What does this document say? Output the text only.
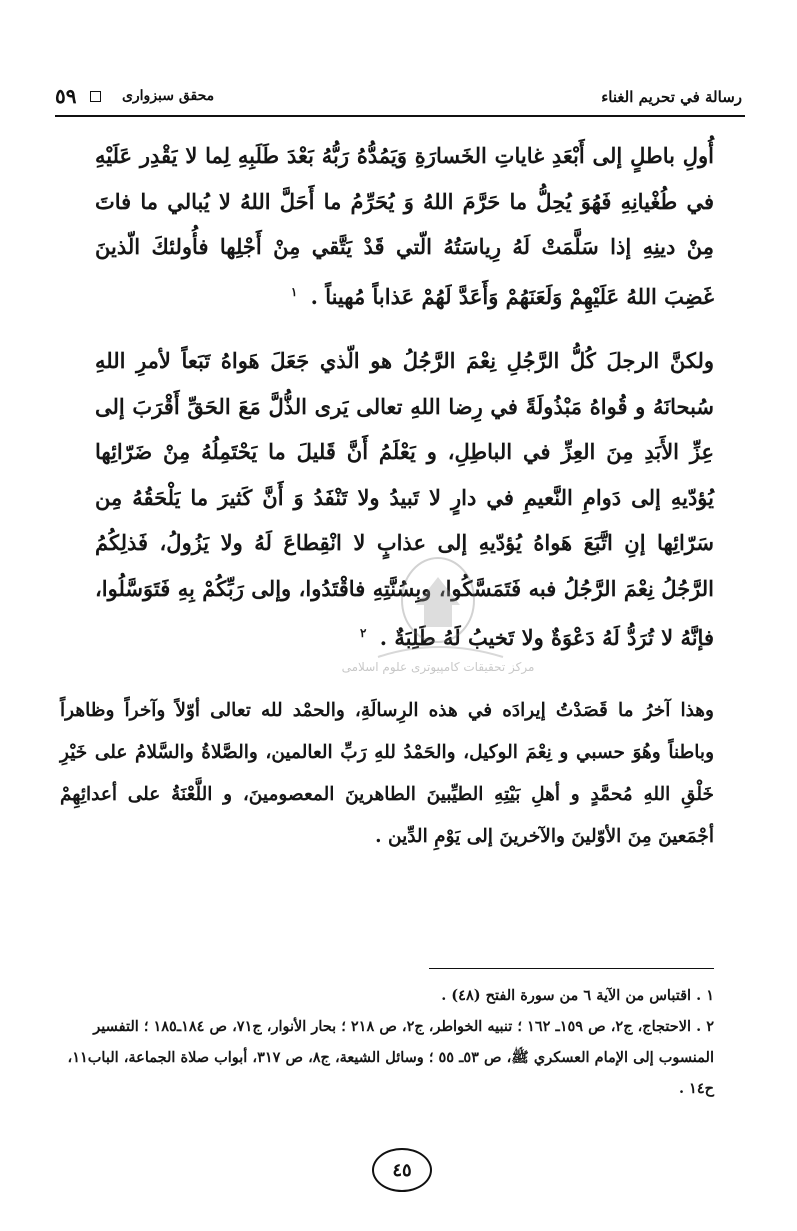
رسالة في تحريم الغناء
محقق سبزواری  ٥٩
أُولِ باطلٍ إلى أَبْعَدِ غاياتِ الخَسارَةِ وَيَمُدُّهُ رَبُّهُ بَعْدَ طَلَبِهِ لِما لا يَقْدِر عَلَيْهِ في طُغْيانِهِ فَهُوَ يُحِلُّ ما حَرَّمَ اللهُ وَ يُحَرِّمُ ما أَحَلَّ اللهُ لا يُبالي ما فاتَ مِنْ دينِهِ إذا سَلَّمَتْ لَهُ رِياسَتُهُ الّتي قَدْ يَتَّقي مِنْ أَجْلِها فأُولئكَ الّذينَ غَضِبَ اللهُ عَلَيْهِمْ وَلَعَنَهُمْ وَأَعَدَّ لَهُمْ عَذاباً مُهيناً . $^١$
ولكنَّ الرجلَ كُلُّ الرَّجُلِ نِعْمَ الرَّجُلُ هو الّذي جَعَلَ هَواهُ تَبَعاً لأمرِ اللهِ سُبحانَهُ و قُواهُ مَبْذُولَةً في رِضا اللهِ تعالى يَرى الذُّلَّ مَعَ الحَقِّ أَقْرَبَ إلى عِزِّ الأَبَدِ مِنَ العِزِّ في الباطِلِ، و يَعْلَمُ أَنَّ قَليلَ ما يَحْتَمِلُهُ مِنْ ضَرّائِها يُؤدّيهِ إلى دَوامِ النَّعيمِ في دارٍ لا تَبيدُ ولا تَنْفَدُ وَ أَنَّ كَثيرَ ما يَلْحَقُهُ مِن سَرّائِها إنِ اتَّبَعَ هَواهُ يُؤدّيهِ إلى عذابٍ لا انْقِطاعَ لَهُ ولا يَزُولُ، فَذلِكُمُ الرَّجُلُ نِعْمَ الرَّجُلُ فبه فَتَمَسَّكُوا، وبِسُنَّتِهِ فاقْتَدُوا، وإلى رَبِّكُمْ بِهِ فَتَوَسَّلُوا، فإنَّهُ لا تُرَدُّ لَهُ دَعْوَةٌ ولا تَخيبُ لَهُ طَلِبَةٌ . $^٢$
مرکز تحقیقات کامپیوتری علوم اسلامی
وهذا آخرُ ما قَصَدْتُ إيرادَه في هذه الرِسالَةِ، والحمْد لله تعالى أوّلاً وآخراً وظاهراً وباطناً وهُوَ حسبي و نِعْمَ الوكيل، والحَمْدُ للهِ رَبِّ العالمين، والصَّلاةُ والسَّلامُ على خَيْرِ خَلْقِ اللهِ مُحمَّدٍ و أهلِ بَيْتِهِ الطيِّبينَ الطاهرينَ المعصومينَ، و اللَّعْنَةُ على أعدائِهِمْ أجْمَعينَ مِنَ الأوّلينَ والآخرينَ إلى يَوْمِ الدِّين .

١ . اقتباس من الآية ٦ من سورة الفتح (٤٨) .

٢ . الاحتجاج، ج٢، ص ١٥٩ـ ١٦٢ ؛ تنبيه الخواطر، ج٢، ص ٢١٨ ؛ بحار الأنوار، ج٧١، ص ١٨٤ـ١٨٥ ؛ التفسير المنسوب إلى الإمام العسكري ﷺ، ص ٥٣ـ ٥٥ ؛ وسائل الشيعة، ج٨، ص ٣١٧، أبواب صلاة الجماعة، الباب١١، ح١٤ .

٤٥
